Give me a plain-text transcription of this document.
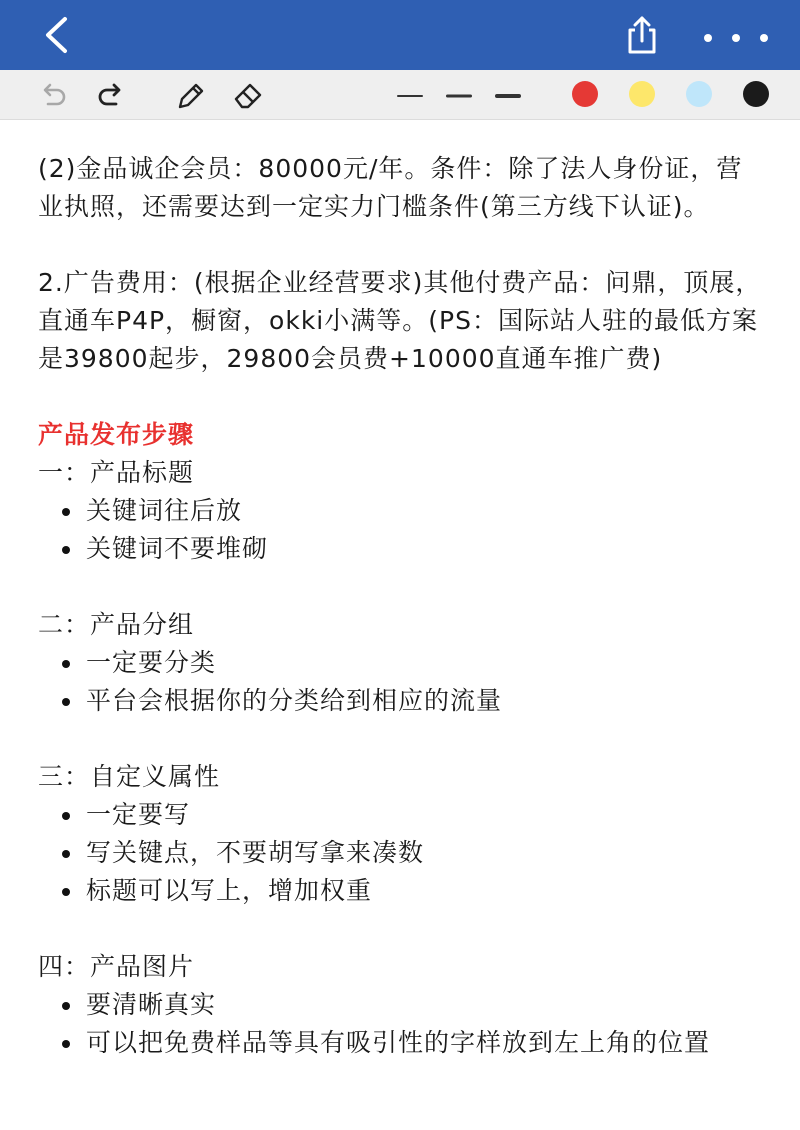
(2)金品诚企会员：80000元/年。条件：除了法人身份证，营业执照，还需要达到一定实力门槛条件(第三方线下认证)。

2.广告费用：(根据企业经营要求)其他付费产品：问鼎，顶展，直通车P4P，橱窗，okki小满等。(PS：国际站人驻的最低方案是39800起步，29800会员费+10000直通车推广费)

产品发布步骤

一：产品标题

关键词往后放
关键词不要堆砌

二：产品分组

一定要分类
平台会根据你的分类给到相应的流量

三：自定义属性

一定要写
写关键点，不要胡写拿来凑数
标题可以写上，增加权重

四：产品图片

要清晰真实
可以把免费样品等具有吸引性的字样放到左上角的位置
